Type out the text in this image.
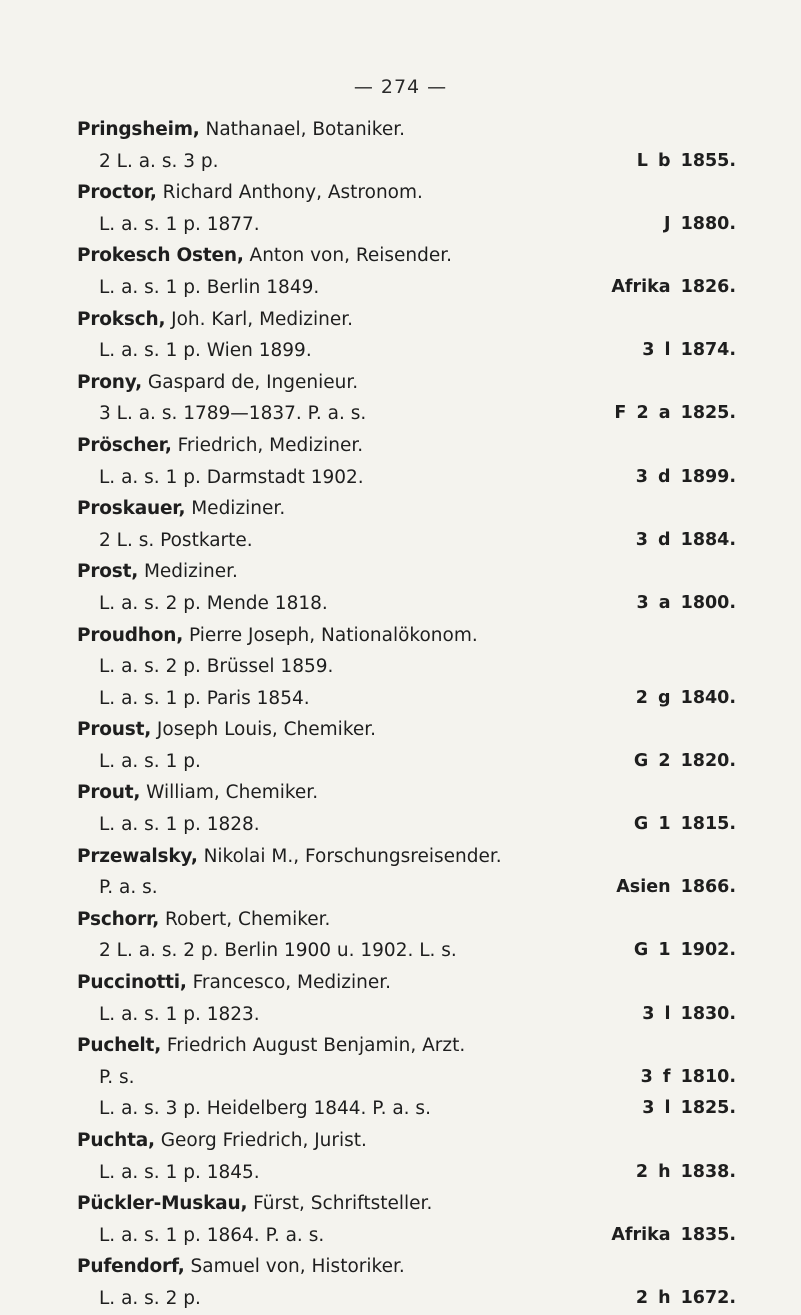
— 274 —
Pringsheim, Nathanael, Botaniker.
2 L. a. s. 3 p.	L b 1855.
Proctor, Richard Anthony, Astronom.
L. a. s. 1 p. 1877.	J 1880.
Prokesch Osten, Anton von, Reisender.
L. a. s. 1 p. Berlin 1849.	Afrika 1826.
Proksch, Joh. Karl, Mediziner.
L. a. s. 1 p. Wien 1899.	3 l 1874.
Prony, Gaspard de, Ingenieur.
3 L. a. s. 1789—1837. P. a. s.	F 2 a 1825.
Pröscher, Friedrich, Mediziner.
L. a. s. 1 p. Darmstadt 1902.	3 d 1899.
Proskauer, Mediziner.
2 L. s. Postkarte.	3 d 1884.
Prost, Mediziner.
L. a. s. 2 p. Mende 1818.	3 a 1800.
Proudhon, Pierre Joseph, Nationalökonom.
L. a. s. 2 p. Brüssel 1859.
L. a. s. 1 p. Paris 1854.	2 g 1840.
Proust, Joseph Louis, Chemiker.
L. a. s. 1 p.	G 2 1820.
Prout, William, Chemiker.
L. a. s. 1 p. 1828.	G 1 1815.
Przewalsky, Nikolai M., Forschungsreisender.
P. a. s.	Asien 1866.
Pschorr, Robert, Chemiker.
2 L. a. s. 2 p. Berlin 1900 u. 1902. L. s.	G 1 1902.
Puccinotti, Francesco, Mediziner.
L. a. s. 1 p. 1823.	3 l 1830.
Puchelt, Friedrich August Benjamin, Arzt.
P. s.	3 f 1810.
L. a. s. 3 p. Heidelberg 1844. P. a. s.	3 l 1825.
Puchta, Georg Friedrich, Jurist.
L. a. s. 1 p. 1845.	2 h 1838.
Pückler-Muskau, Fürst, Schriftsteller.
L. a. s. 1 p. 1864. P. a. s.	Afrika 1835.
Pufendorf, Samuel von, Historiker.
L. a. s. 2 p.	2 h 1672.
